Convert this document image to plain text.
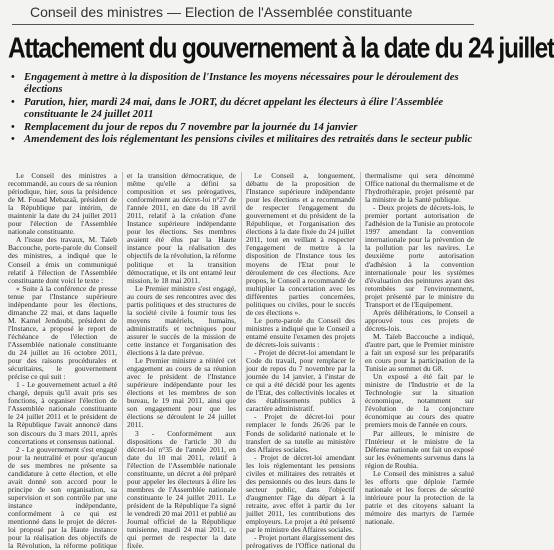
Conseil des ministres — Election de l'Assemblée constituante
Attachement du gouvernement à la date du 24 juillet
• Engagement à mettre à la disposition de l'Instance les moyens nécessaires pour le déroulement des élections
• Parution, hier, mardi 24 mai, dans le JORT, du décret appelant les électeurs à élire l'Assemblée constituante le 24 juillet 2011
• Remplacement du jour de repos du 7 novembre par la journée du 14 janvier
• Amendement des lois réglementant les pensions civiles et militaires des retraités dans le secteur public

Le Conseil des ministres a recommandé, au cours de sa réunion périodique, hier, sous la présidence de M. Fouad Mebazaâ, président de la République par intérim, de maintenir la date du 24 juillet 2011 pour l'élection de l'Assemblée nationale constituante.

A l'issue des travaux, M. Taïeb Baccouche, porte-parole du Conseil des ministres, a indiqué que le Conseil a émis un communiqué relatif à l'élection de l'Assemblée constituante dont voici le texte :

« Suite à la conférence de presse tenue par l'Instance supérieure indépendante pour les élections, dimanche 22 mai, et dans laquelle M. Kamel Jendoubi, président de l'Instance, a proposé le report de l'échéance de l'élection de l'Assemblée nationale constituante du 24 juillet au 16 octobre 2011, pour des raisons procédurales et sécuritaires, le gouvernement précise ce qui suit :

1 - Le gouvernement actuel a été chargé, depuis qu'il avait pris ses fonctions, à organiser l'élection de l'Assemblée nationale constituante le 24 juillet 2011 et le président de la République l'avait annoncé dans son discours du 3 mars 2011, après concertations et consensus national.

2 - Le gouvernement s'est engagé pour la neutralité et pour qu'aucun de ses membres ne présente sa candidature à cette élection, et elle avait donné son accord pour le principe de son organisation, sa supervision et son contrôle par une instance indépendante, conformément à ce qui est mentionné dans le projet de décret-loi proposé par la Haute instance pour la réalisation des objectifs de la Révolution, la réforme politique et la transition démocratique, de même qu'elle a défini sa composition et ses prérogatives, conformément au décret-loi n°27 de l'année 2011, en date du 18 avril 2011, relatif à la création d'une Instance supérieure indépendante pour les élections. Ses membres avaient été élus par la Haute instance pour la réalisation des objectifs de la révolution, la réforme politique et la transition démocratique, et ils ont entamé leur mission, le 18 mai 2011.

Le Premier ministre s'est engagé, au cours de ses rencontres avec des partis politiques et des structures de la société civile à fournir tous les moyens matériels, humains, administratifs et techniques pour assurer le succès de la mission de cette instance et l'organisation des élections à la date prévue.

Le Premier ministre a réitéré cet engagement au cours de sa réunion avec le président de l'Instance supérieure indépendante pour les élections et les membres de son bureau, le 19 mai 2011, ainsi que son engagement pour que les élections se déroulent le 24 juillet 2011.

3 - Conformément aux dispositions de l'article 30 du décret-loi n°35 de l'année 2011, en date du 10 mai 2011, relatif à l'élection de l'Assemblée nationale constituante, un décret a été préparé pour appeler les électeurs à élire les membres de l'Assemblée nationale constituante le 24 juillet 2011. Le président de la République l'a signé le vendredi 20 mai 2011 et publié au Journal officiel de la République tunisienne, mardi 24 mai 2011, ce qui permet de respecter la date fixée.

Le Conseil a, longuement, débattu de la proposition de l'Instance supérieure indépendante pour les élections et a recommandé de respecter l'engagement du gouvernement et du président de la République, et l'organisation des élections à la date fixée du 24 juillet 2011, tout en veillant à respecter l'engagement de mettre à la disposition de l'Instance tous les moyens de l'Etat pour le déroulement de ces élections. Ace propos, le Conseil a recommandé de multiplier la concertation avec les différentes parties concernées, politiques ou civiles, pour le succès de ces élections ».

Le porte-parole du Conseil des ministres a indiqué que le Conseil a entamé ensuite l'examen des projets de décrets-lois suivants :

- Projet de décret-loi amendant le Code du travail, pour remplacer le jour de repos du 7 novembre par la journée du 14 janvier, à l'instar de ce qui a été décidé pour les agents de l'Etat, des collectivités locales et des établissements publics à caractère administratif.

- Projet de décret-loi pour remplacer le fonds 26/26 par le Fonds de solidarité nationale et le transfert de sa tutelle au ministère des Affaires sociales.

- Projet de décret-loi amendant les lois réglementant les pensions civiles et militaires des retraités et des pensionnés ou des leurs dans le secteur public, dans l'objectif d'augmenter l'âge du départ à la retraite, avec effet à partir du 1er juillet 2011, les contributions des employeurs. Le projet a été présenté par le ministre des Affaires sociales.

- Projet portant élargissement des prérogatives de l'Office national du thermalisme qui sera dénommé Office national du thermalisme et de l'hydrothérapie, projet présenté par la ministre de la Santé publique.

- Deux projets de décrets-lois, le premier portant autorisation de l'adhésion de la Tunisie au protocole 1997 amendant la convention internationale pour la prévention de la pollution par les navires. Le deuxième porte autorisation d'adhésion à la convention internationale pour les systèmes d'évaluation des peintures ayant des retombées sur l'environnement, projet présenté par le ministre du Transport et de l'Equipement.

Après délibérations, le Conseil a approuvé tous ces projets de décrets-lois.

M. Taïeb Baccouche a indiqué, d'autre part, que le Premier ministre a fait un exposé sur les préparatifs en cours pour la participation de la Tunisie au sommet du G8.

Un exposé a été fait par le ministre de l'Industrie et de la Technologie sur la situation économique, notamment sur l'évolution de la conjoncture économique au cours des quatre premiers mois de l'année en cours.

Par ailleurs, le ministre de l'Intérieur et le ministre de la Défense nationale ont fait un exposé sur les événements survenus dans la région de Rouhia.

Le Conseil des ministres a salué les efforts que déploie l'armée nationale et les forces de sécurité intérieure pour la protection de la patrie et des citoyens saluant la mémoire des martyrs de l'armée nationale.
